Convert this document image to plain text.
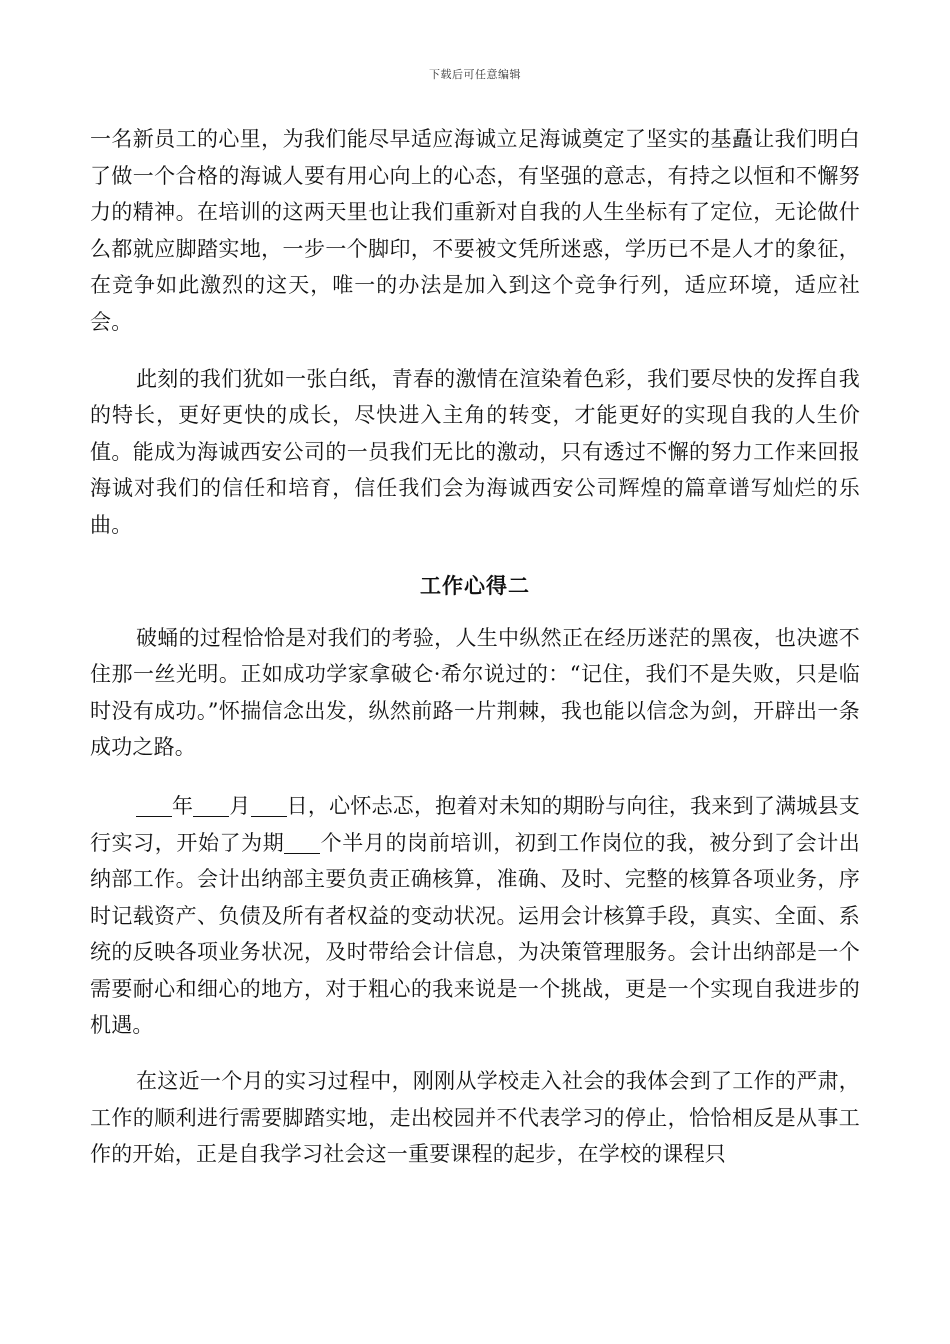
下载后可任意编辑

一名新员工的心里，为我们能尽早适应海诚立足海诚奠定了坚实的基矗让我们明白了做一个合格的海诚人要有用心向上的心态，有坚强的意志，有持之以恒和不懈努力的精神。在培训的这两天里也让我们重新对自我的人生坐标有了定位，无论做什么都就应脚踏实地，一步一个脚印，不要被文凭所迷惑，学历已不是人才的象征，在竞争如此激烈的这天，唯一的办法是加入到这个竞争行列，适应环境，适应社会。

此刻的我们犹如一张白纸，青春的激情在渲染着色彩，我们要尽快的发挥自我的特长，更好更快的成长，尽快进入主角的转变，才能更好的实现自我的人生价值。能成为海诚西安公司的一员我们无比的激动，只有透过不懈的努力工作来回报海诚对我们的信任和培育，信任我们会为海诚西安公司辉煌的篇章谱写灿烂的乐曲。

工作心得二

破蛹的过程恰恰是对我们的考验，人生中纵然正在经历迷茫的黑夜，也决遮不住那一丝光明。正如成功学家拿破仑·希尔说过的：“记住，我们不是失败，只是临时没有成功。”怀揣信念出发，纵然前路一片荆棘，我也能以信念为剑，开辟出一条成功之路。

年 月 日，心怀忐忑，抱着对未知的期盼与向往，我来到了满城县支行实习，开始了为期 个半月的岗前培训，初到工作岗位的我，被分到了会计出纳部工作。会计出纳部主要负责正确核算，准确、及时、完整的核算各项业务，序时记载资产、负债及所有者权益的变动状况。运用会计核算手段，真实、全面、系统的反映各项业务状况，及时带给会计信息，为决策管理服务。会计出纳部是一个需要耐心和细心的地方，对于粗心的我来说是一个挑战，更是一个实现自我进步的机遇。

在这近一个月的实习过程中，刚刚从学校走入社会的我体会到了工作的严肃，工作的顺利进行需要脚踏实地，走出校园并不代表学习的停止，恰恰相反是从事工作的开始，正是自我学习社会这一重要课程的起步，在学校的课程只
